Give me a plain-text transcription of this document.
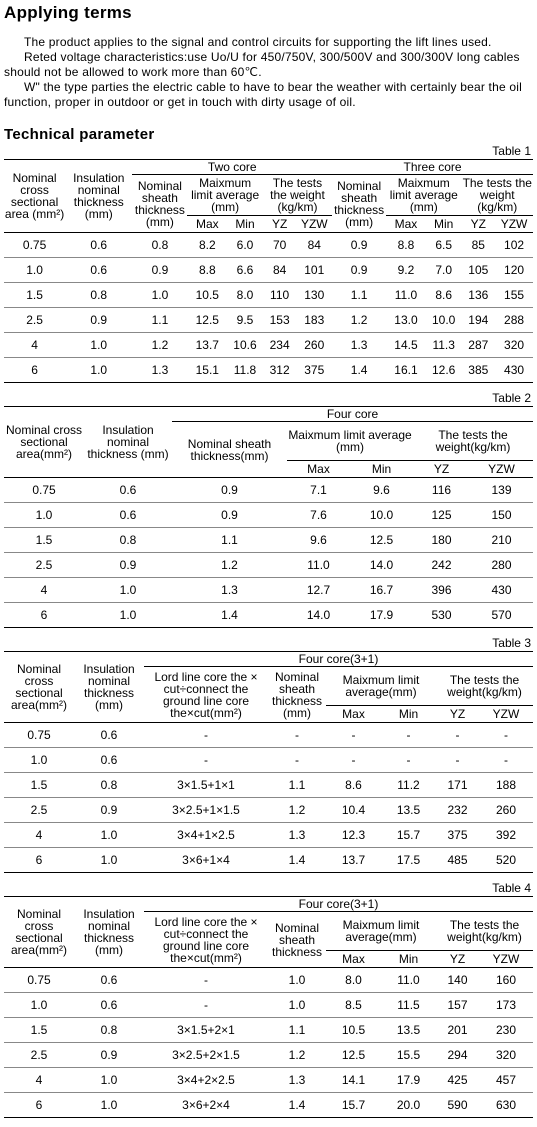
Applying terms

The product applies to the signal and control circuits for supporting the lift lines used.

Reted voltage characteristics:use Uo/U for 450/750V, 300/500V and 300/300V long cables should not be allowed to work more than 60℃.

W" the type parties the electric cable to have to bear the weather with certainly bear the oil function, proper in outdoor or get in touch with dirty usage of oil.

Technical parameter
Table 1
Nominal cross sectional area (mm²)	Insulation nominal thickness (mm)	Two core					Three core				
		Nominal sheath thickness (mm)	Maixmum limit average (mm)		The tests the weight (kg/km)		Nominal sheath thickness (mm)	Maixmum limit average (mm)		The tests the weight (kg/km)	
			Max	Min	YZ	YZW		Max	Min	YZ	YZW
0.75	0.6	0.8	8.2	6.0	70	84	0.9	8.8	6.5	85	102
1.0	0.6	0.9	8.8	6.6	84	101	0.9	9.2	7.0	105	120
1.5	0.8	1.0	10.5	8.0	110	130	1.1	11.0	8.6	136	155
2.5	0.9	1.1	12.5	9.5	153	183	1.2	13.0	10.0	194	288
4	1.0	1.2	13.7	10.6	234	260	1.3	14.5	11.3	287	320
6	1.0	1.3	15.1	11.8	312	375	1.4	16.1	12.6	385	430
Table 2
Nominal cross sectional area(mm²)	Insulation nominal thickness (mm)	Four core				
		Nominal sheath thickness(mm)	Maixmum limit average (mm)		The tests the weight(kg/km)	
			Max	Min	YZ	YZW
0.75	0.6	0.9	7.1	9.6	116	139
1.0	0.6	0.9	7.6	10.0	125	150
1.5	0.8	1.1	9.6	12.5	180	210
2.5	0.9	1.2	11.0	14.0	242	280
4	1.0	1.3	12.7	16.7	396	430
6	1.0	1.4	14.0	17.9	530	570
Table 3
Nominal cross sectional area(mm²)	Insulation nominal thickness (mm)	Four core(3+1)					
		Lord line core the × cut÷connect the ground line core the×cut(mm²)	Nominal sheath thickness (mm)	Maixmum limit average(mm)		The tests the weight(kg/km)	
				Max	Min	YZ	YZW
0.75	0.6	-	-	-	-	-	-
1.0	0.6	-	-	-	-	-	-
1.5	0.8	3×1.5+1×1	1.1	8.6	11.2	171	188
2.5	0.9	3×2.5+1×1.5	1.2	10.4	13.5	232	260
4	1.0	3×4+1×2.5	1.3	12.3	15.7	375	392
6	1.0	3×6+1×4	1.4	13.7	17.5	485	520
Table 4
Nominal cross sectional area(mm²)	Insulation nominal thickness (mm)	Four core(3+1)					
		Lord line core the × cut÷connect the ground line core the×cut(mm²)	Nominal sheath thickness	Maixmum limit average(mm)		The tests the weight(kg/km)	
				Max	Min	YZ	YZW
0.75	0.6	-	1.0	8.0	11.0	140	160
1.0	0.6	-	1.0	8.5	11.5	157	173
1.5	0.8	3×1.5+2×1	1.1	10.5	13.5	201	230
2.5	0.9	3×2.5+2×1.5	1.2	12.5	15.5	294	320
4	1.0	3×4+2×2.5	1.3	14.1	17.9	425	457
6	1.0	3×6+2×4	1.4	15.7	20.0	590	630
